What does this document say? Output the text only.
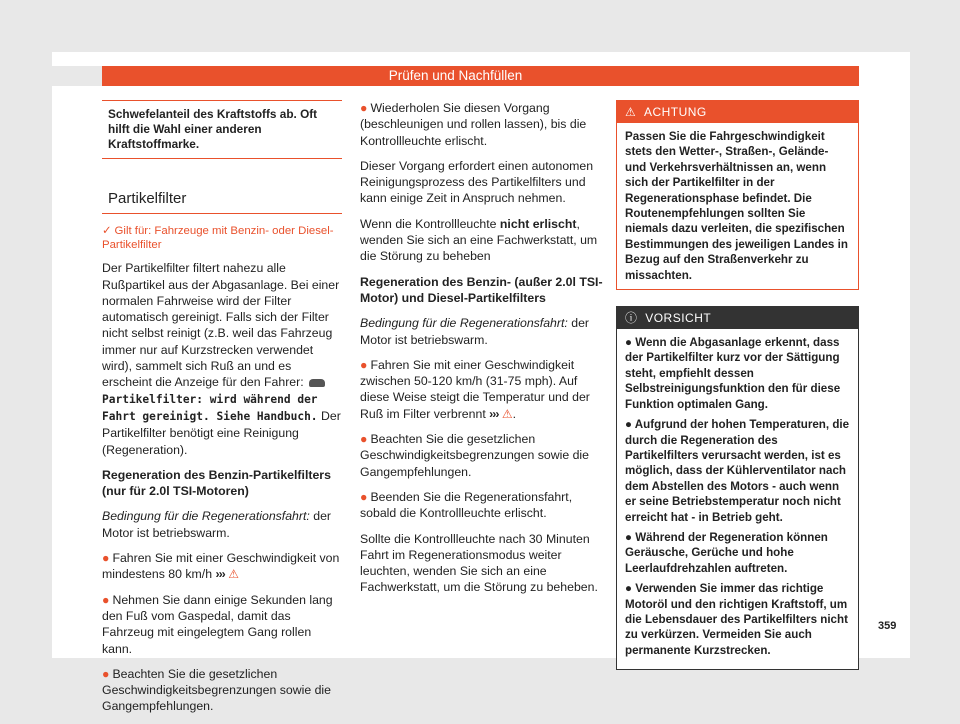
Prüfen und Nachfüllen
Schwefelanteil des Kraftstoffs ab. Oft hilft die Wahl einer anderen Kraftstoffmarke.
Partikelfilter
✓ Gilt für: Fahrzeuge mit Benzin- oder Diesel-Partikelfilter

Der Partikelfilter filtert nahezu alle Rußpartikel aus der Abgasanlage. Bei einer normalen Fahrweise wird der Filter automatisch gereinigt. Falls sich der Filter nicht selbst reinigt (z.B. weil das Fahrzeug immer nur auf Kurzstrecken verwendet wird), sammelt sich Ruß an und es erscheint die Anzeige für den Fahrer:  Partikelfilter: wird während der Fahrt gereinigt. Siehe Handbuch. Der Partikelfilter benötigt eine Reinigung (Regeneration).

Regeneration des Benzin-Partikelfilters (nur für 2.0l TSI-Motoren)

Bedingung für die Regenerationsfahrt: der Motor ist betriebswarm.

● Fahren Sie mit einer Geschwindigkeit von mindestens 80 km/h ››› ⚠

● Nehmen Sie dann einige Sekunden lang den Fuß vom Gaspedal, damit das Fahrzeug mit eingelegtem Gang rollen kann.

● Beachten Sie die gesetzlichen Geschwindigkeitsbegrenzungen sowie die Gangempfehlungen.

● Wiederholen Sie diesen Vorgang (beschleunigen und rollen lassen), bis die Kontrollleuchte erlischt.

Dieser Vorgang erfordert einen autonomen Reinigungsprozess des Partikelfilters und kann einige Zeit in Anspruch nehmen.

Wenn die Kontrollleuchte nicht erlischt, wenden Sie sich an eine Fachwerkstatt, um die Störung zu beheben

Regeneration des Benzin- (außer 2.0l TSI-Motor) und Diesel-Partikelfilters

Bedingung für die Regenerationsfahrt: der Motor ist betriebswarm.

● Fahren Sie mit einer Geschwindigkeit zwischen 50-120 km/h (31-75 mph). Auf diese Weise steigt die Temperatur und der Ruß im Filter verbrennt ››› ⚠.

● Beachten Sie die gesetzlichen Geschwindigkeitsbegrenzungen sowie die Gangempfehlungen.

● Beenden Sie die Regenerationsfahrt, sobald die Kontrollleuchte erlischt.

Sollte die Kontrollleuchte nach 30 Minuten Fahrt im Regenerationsmodus weiter leuchten, wenden Sie sich an eine Fachwerkstatt, um die Störung zu beheben.

⚠ ACHTUNG
Passen Sie die Fahrgeschwindigkeit stets den Wetter-, Straßen-, Gelände- und Verkehrsverhältnissen an, wenn sich der Partikelfilter in der Regenerationsphase befindet. Die Routenempfehlungen sollten Sie niemals dazu verleiten, die spezifischen Bestimmungen des jeweiligen Landes in Bezug auf den Straßenverkehr zu missachten.
ⓘ VORSICHT

● Wenn die Abgasanlage erkennt, dass der Partikelfilter kurz vor der Sättigung steht, empfiehlt dessen Selbstreinigungsfunktion den für diese Funktion optimalen Gang.

● Aufgrund der hohen Temperaturen, die durch die Regeneration des Partikelfilters verursacht werden, ist es möglich, dass der Kühlerventilator nach dem Abstellen des Motors - auch wenn er seine Betriebstemperatur noch nicht erreicht hat - in Betrieb geht.

● Während der Regeneration können Geräusche, Gerüche und hohe Leerlaufdrehzahlen auftreten.

● Verwenden Sie immer das richtige Motoröl und den richtigen Kraftstoff, um die Lebensdauer des Partikelfilters nicht zu verkürzen. Vermeiden Sie auch permanente Kurzstrecken.

359
